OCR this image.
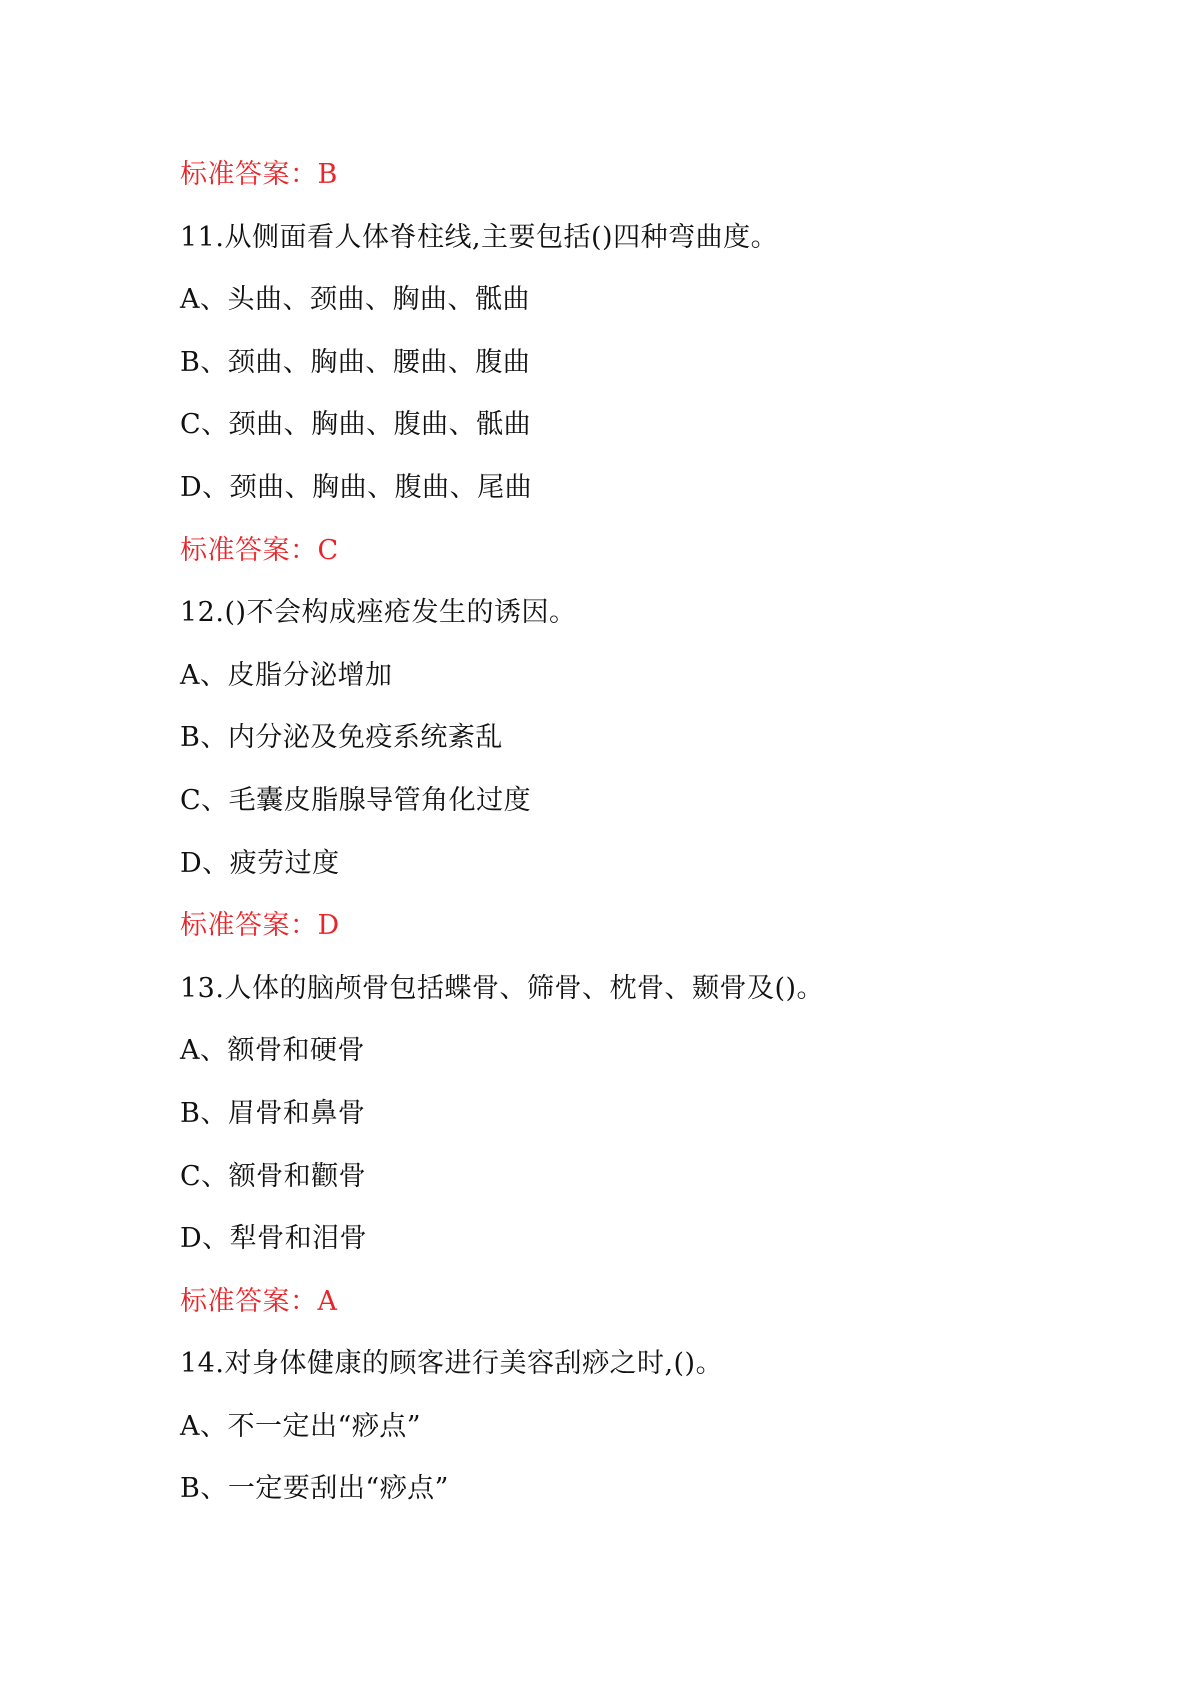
标准答案：B
11.从侧面看人体脊柱线,主要包括()四种弯曲度。
A、头曲、颈曲、胸曲、骶曲
B、颈曲、胸曲、腰曲、腹曲
C、颈曲、胸曲、腹曲、骶曲
D、颈曲、胸曲、腹曲、尾曲
标准答案：C
12.()不会构成痤疮发生的诱因。
A、皮脂分泌增加
B、内分泌及免疫系统紊乱
C、毛囊皮脂腺导管角化过度
D、疲劳过度
标准答案：D
13.人体的脑颅骨包括蝶骨、筛骨、枕骨、颞骨及()。
A、额骨和硬骨
B、眉骨和鼻骨
C、额骨和颧骨
D、犁骨和泪骨
标准答案：A
14.对身体健康的顾客进行美容刮痧之时,()。
A、不一定出“痧点”
B、一定要刮出“痧点”
